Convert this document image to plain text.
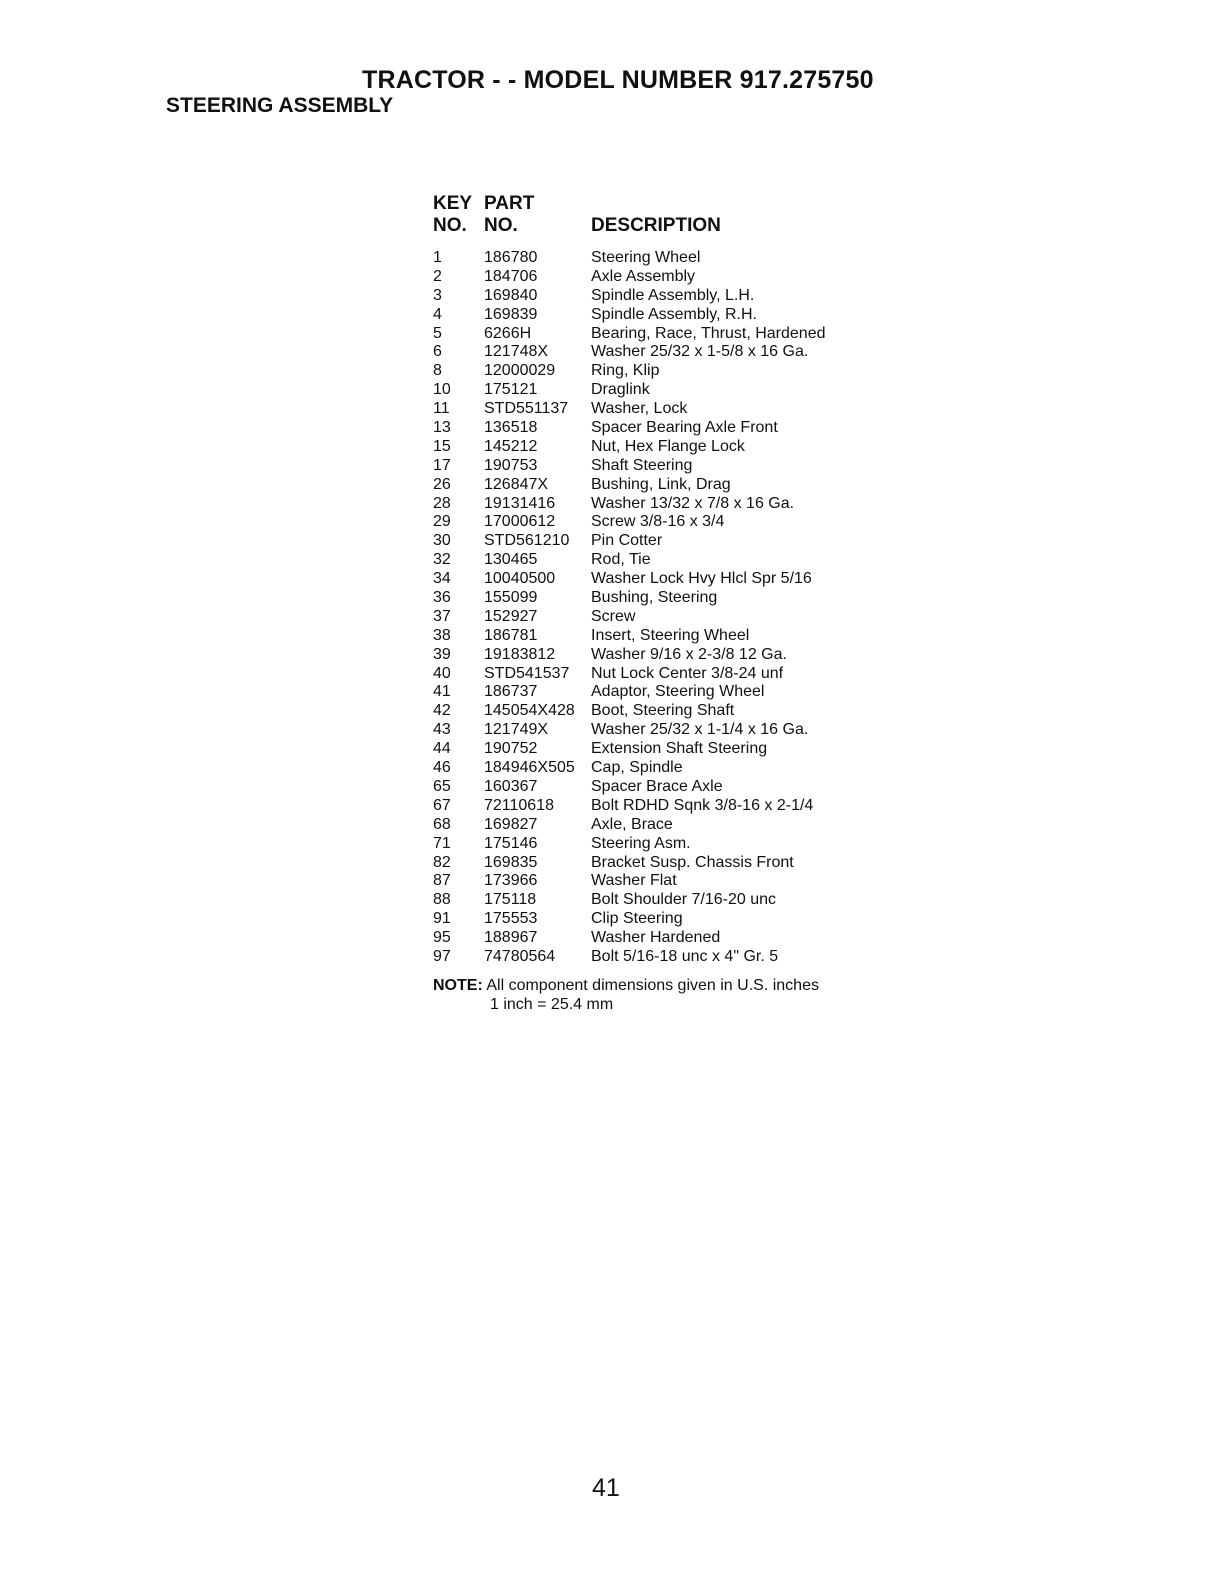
TRACTOR - - MODEL NUMBER 917.275750
STEERING ASSEMBLY
KEY
NO.
PART
NO.	DESCRIPTION
1	186780	Steering Wheel
2	184706	Axle Assembly
3	169840	Spindle Assembly, L.H.
4	169839	Spindle Assembly, R.H.
5	6266H	Bearing, Race, Thrust, Hardened
6	121748X	Washer 25/32 x 1-5/8 x 16 Ga.
8	12000029 Ring, Klip
10 175121	Draglink
11 STD551137 Washer, Lock
13 136518	Spacer Bearing Axle Front
15 145212	Nut, Hex Flange Lock
17 190753	Shaft Steering
26 126847X	Bushing, Link, Drag
28 19131416 Washer 13/32 x 7/8 x 16 Ga.
29 17000612 Screw 3/8-16 x 3/4
30 STD561210 Pin Cotter
32 130465	Rod, Tie
34 10040500 Washer Lock Hvy Hlcl Spr 5/16
36 155099	Bushing, Steering
37 152927	Screw
38 186781	Insert, Steering Wheel
39 19183812 Washer 9/16 x 2-3/8 12 Ga.
40 STD541537 Nut Lock Center 3/8-24 unf
41 186737	Adaptor, Steering Wheel
42 145054X428 Boot, Steering Shaft
43 121749X	Washer 25/32 x 1-1/4 x 16 Ga.
44 190752	Extension Shaft Steering
46 184946X505 Cap, Spindle
65 160367	Spacer Brace Axle
67 72110618 Bolt RDHD Sqnk 3/8-16 x 2-1/4
68 169827	Axle, Brace
71 175146	Steering Asm.
82 169835	Bracket Susp. Chassis Front
87 173966	Washer Flat
88 175118	Bolt Shoulder 7/16-20 unc
91 175553	Clip Steering
95 188967	Washer Hardened
97 74780564 Bolt 5/16-18 unc x 4" Gr. 5
NOTE: All component dimensions given in U.S. inches
1 inch = 25.4 mm
41
